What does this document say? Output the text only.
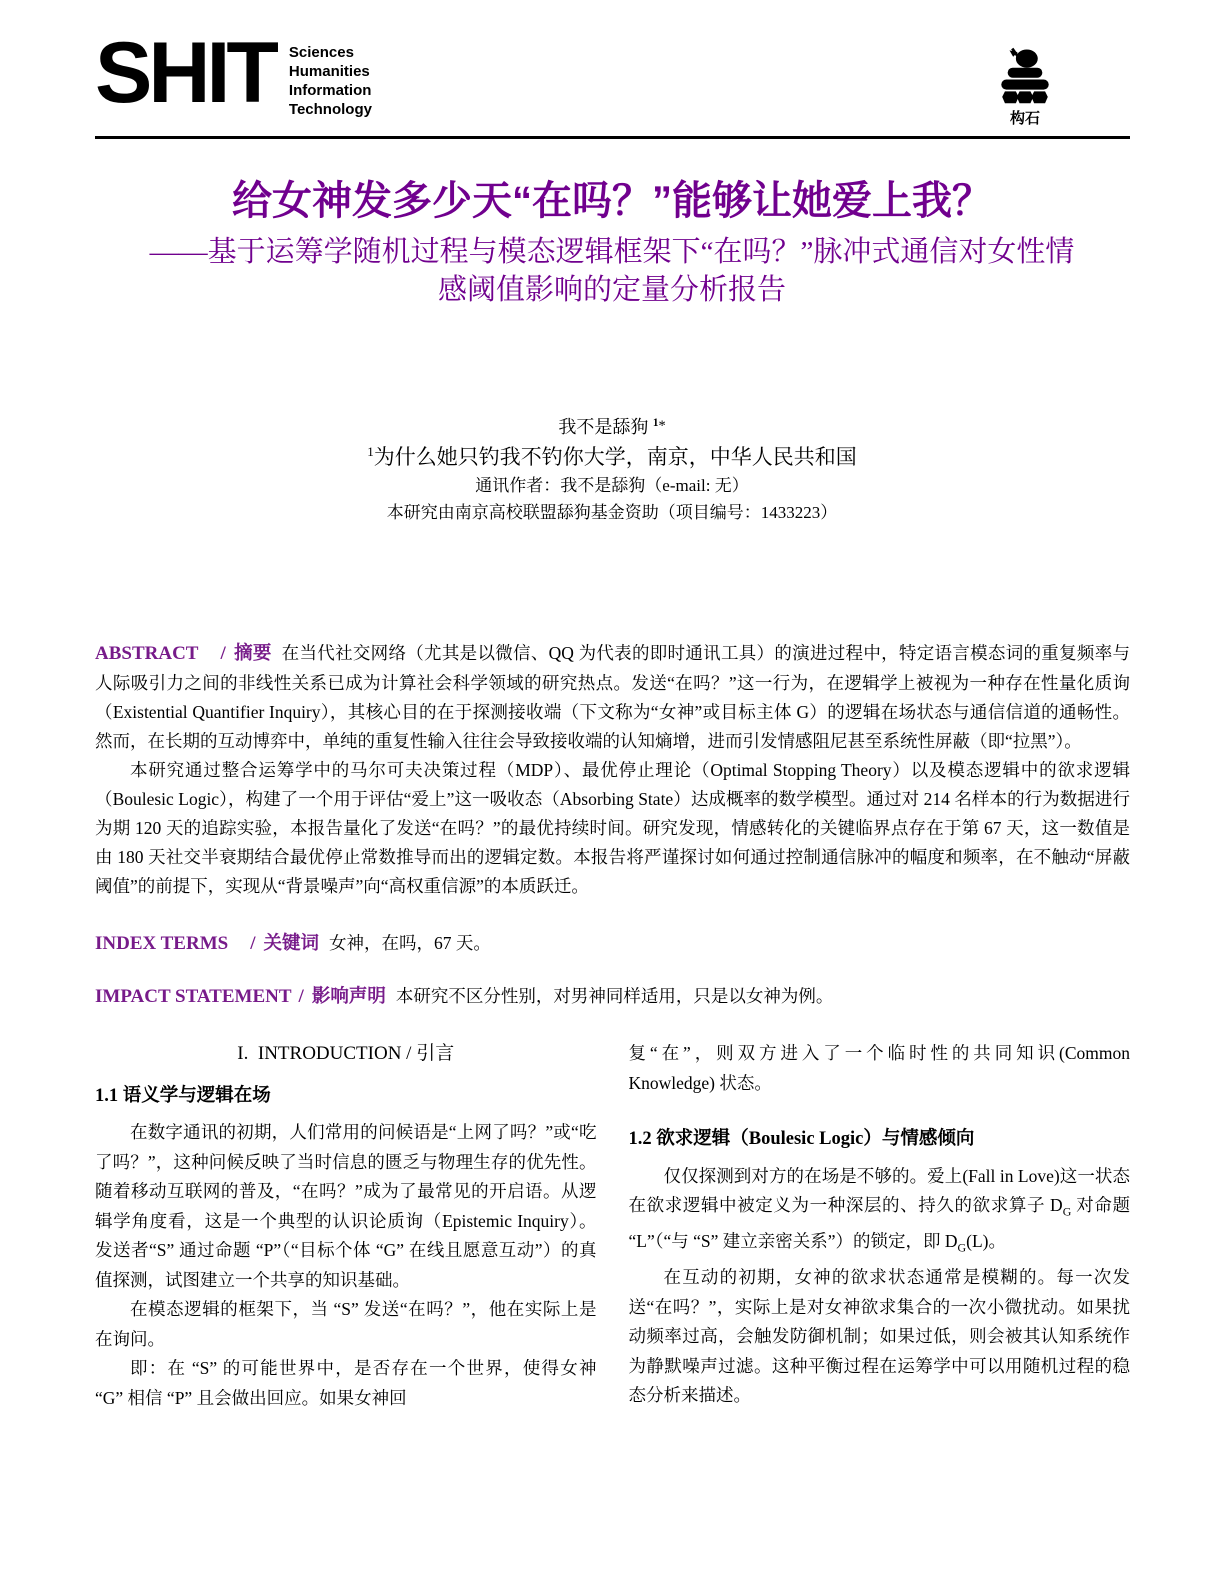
SHIT Sciences
Humanities
Information
Technology
构石
给女神发多少天“在吗？”能够让她爱上我？
——基于运筹学随机过程与模态逻辑框架下“在吗？”脉冲式通信对女性情感阈值影响的定量分析报告
我不是舔狗 $^{1*}$
$^1$为什么她只钓我不钓你大学，南京，中华人民共和国
通讯作者：我不是舔狗（e-mail: 无）
本研究由南京高校联盟舔狗基金资助（项目编号：1433223）

ABSTRACT / 摘要 在当代社交网络（尤其是以微信、QQ 为代表的即时通讯工具）的演进过程中，特定语言模态词的重复频率与人际吸引力之间的非线性关系已成为计算社会科学领域的研究热点。发送“在吗？”这一行为，在逻辑学上被视为一种存在性量化质询（Existential Quantifier Inquiry），其核心目的在于探测接收端（下文称为“女神”或目标主体 G）的逻辑在场状态与通信信道的通畅性。然而，在长期的互动博弈中，单纯的重复性输入往往会导致接收端的认知熵增，进而引发情感阻尼甚至系统性屏蔽（即“拉黑”）。

本研究通过整合运筹学中的马尔可夫决策过程（MDP）、最优停止理论（Optimal Stopping Theory）以及模态逻辑中的欲求逻辑（Boulesic Logic），构建了一个用于评估“爱上”这一吸收态（Absorbing State）达成概率的数学模型。通过对 214 名样本的行为数据进行为期 120 天的追踪实验，本报告量化了发送“在吗？”的最优持续时间。研究发现，情感转化的关键临界点存在于第 67 天，这一数值是由 180 天社交半衰期结合最优停止常数推导而出的逻辑定数。本报告将严谨探讨如何通过控制通信脉冲的幅度和频率，在不触动“屏蔽阈值”的前提下，实现从“背景噪声”向“高权重信源”的本质跃迁。

INDEX TERMS / 关键词 女神，在吗，67 天。
IMPACT STATEMENT / 影响声明 本研究不区分性别，对男神同样适用，只是以女神为例。
I.  INTRODUCTION / 引言
1.1 语义学与逻辑在场

在数字通讯的初期，人们常用的问候语是“上网了吗？”或“吃了吗？”，这种问候反映了当时信息的匮乏与物理生存的优先性。随着移动互联网的普及，“在吗？”成为了最常见的开启语。从逻辑学角度看，这是一个典型的认识论质询（Epistemic Inquiry）。发送者“S” 通过命题 “P”（“目标个体 “G” 在线且愿意互动”）的真值探测，试图建立一个共享的知识基础。

在模态逻辑的框架下，当 “S” 发送“在吗？”，他在实际上是在询问。

即：在 “S” 的可能世界中，是否存在一个世界，使得女神 “G” 相信 “P” 且会做出回应。如果女神回

复“在”，则双方进入了一个临时性的共同知识(Common Knowledge) 状态。

1.2 欲求逻辑（Boulesic Logic）与情感倾向

仅仅探测到对方的在场是不够的。爱上(Fall in Love)这一状态在欲求逻辑中被定义为一种深层的、持久的欲求算子 $D_G$ 对命题 “L”（“与 “S” 建立亲密关系”）的锁定，即 $D_G(L)$。

在互动的初期，女神的欲求状态通常是模糊的。每一次发送“在吗？”，实际上是对女神欲求集合的一次小微扰动。如果扰动频率过高，会触发防御机制；如果过低，则会被其认知系统作为静默噪声过滤。这种平衡过程在运筹学中可以用随机过程的稳态分析来描述。
